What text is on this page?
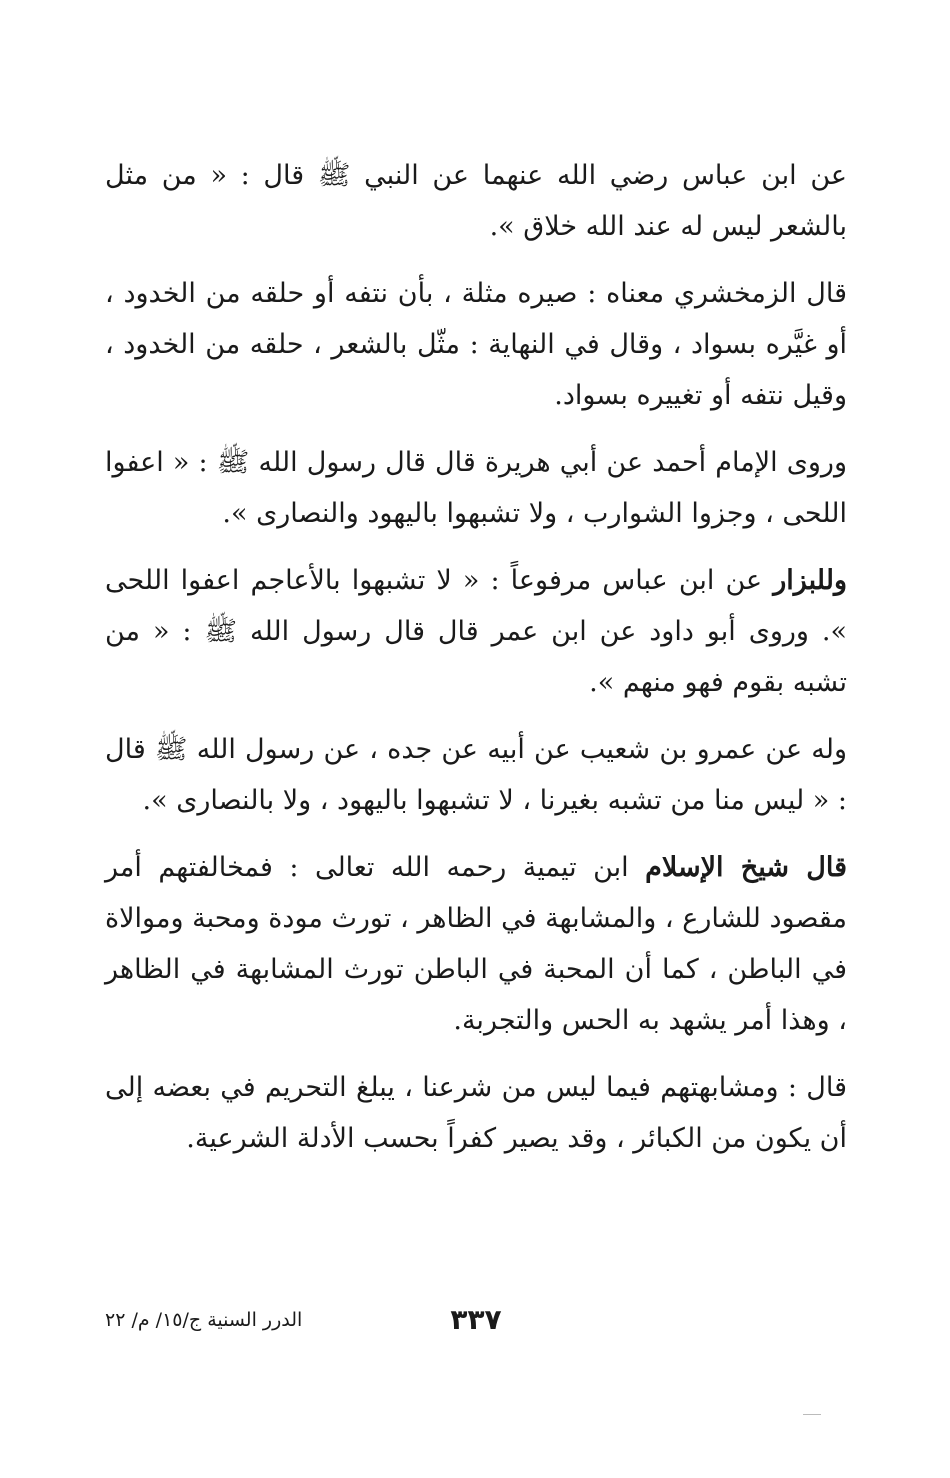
عن ابن عباس رضي الله عنهما عن النبي ﷺ قال : « من مثل بالشعر ليس له عند الله خلاق ».

قال الزمخشري معناه : صيره مثلة ، بأن نتفه أو حلقه من الخدود ، أو غيَّره بسواد ، وقال في النهاية : مثّل بالشعر ، حلقه من الخدود ، وقيل نتفه أو تغييره بسواد.

وروى الإمام أحمد عن أبي هريرة قال قال رسول الله ﷺ : « اعفوا اللحى ، وجزوا الشوارب ، ولا تشبهوا باليهود والنصارى ».

وللبزار عن ابن عباس مرفوعاً : « لا تشبهوا بالأعاجم اعفوا اللحى ». وروى أبو داود عن ابن عمر قال قال رسول الله ﷺ : « من تشبه بقوم فهو منهم ».

وله عن عمرو بن شعيب عن أبيه عن جده ، عن رسول الله ﷺ قال : « ليس منا من تشبه بغيرنا ، لا تشبهوا باليهود ، ولا بالنصارى ».

قال شيخ الإسلام ابن تيمية رحمه الله تعالى : فمخالفتهم أمر مقصود للشارع ، والمشابهة في الظاهر ، تورث مودة ومحبة وموالاة في الباطن ، كما أن المحبة في الباطن تورث المشابهة في الظاهر ، وهذا أمر يشهد به الحس والتجربة.

قال : ومشابهتهم فيما ليس من شرعنا ، يبلغ التحريم في بعضه إلى أن يكون من الكبائر ، وقد يصير كفراً بحسب الأدلة الشرعية.

٣٣٧
الدرر السنية ج/١٥/ م/ ٢٢
